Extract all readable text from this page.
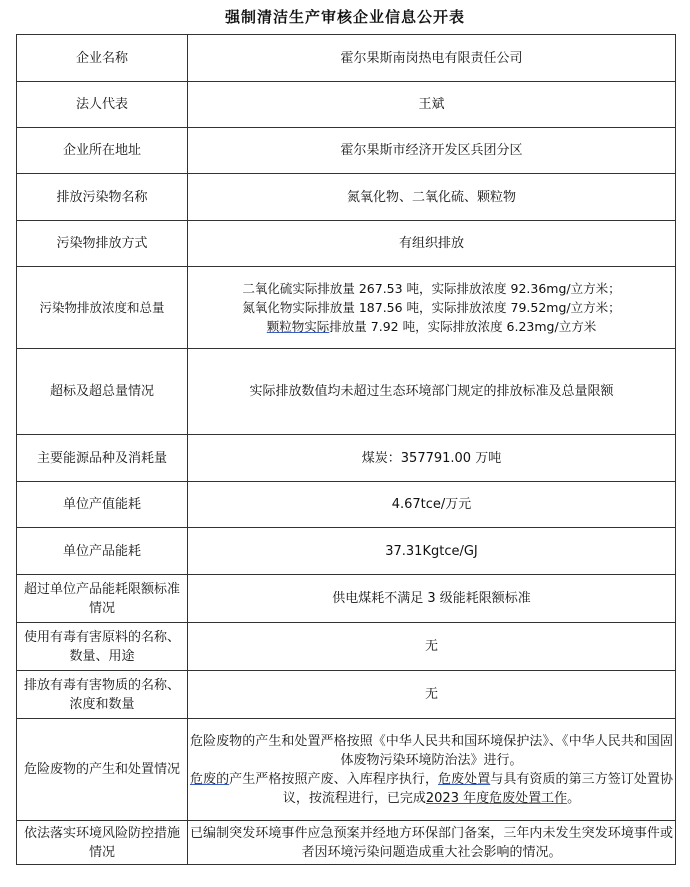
强制清洁生产审核企业信息公开表
企业名称	霍尔果斯南岗热电有限责任公司
法人代表	王斌
企业所在地址	霍尔果斯市经济开发区兵团分区
排放污染物名称	氮氧化物、二氧化硫、颗粒物
污染物排放方式	有组织排放
污染物排放浓度和总量	二氧化硫实际排放量 267.53 吨，实际排放浓度 92.36mg/立方米；
氮氧化物实际排放量 187.56 吨，实际排放浓度 79.52mg/立方米；
颗粒物实际排放量 7.92 吨，实际排放浓度 6.23mg/立方米

超标及超总量情况	实际排放数值均未超过生态环境部门规定的排放标准及总量限额
主要能源品种及消耗量	煤炭：357791.00 万吨
单位产值能耗	4.67tce/万元
单位产品能耗	37.31Kgtce/GJ

超过单位产品能耗限额标准情况	供电煤耗不满足 3 级能耗限额标准

使用有毒有害原料的名称、数量、用途	无

排放有毒有害物质的名称、浓度和数量	无

危险废物的产生和处置情况	危险废物的产生和处置严格按照《中华人民共和国环境保护法》、《中华人民共和国固体废物污染环境防治法》进行。
危废的产生严格按照产废、入库程序执行，危废处置与具有资质的第三方签订处置协议，按流程进行，已完成2023 年度危废处置工作。

依法落实环境风险防控措施情况	已编制突发环境事件应急预案并经地方环保部门备案，三年内未发生突发环境事件或者因环境污染问题造成重大社会影响的情况。
